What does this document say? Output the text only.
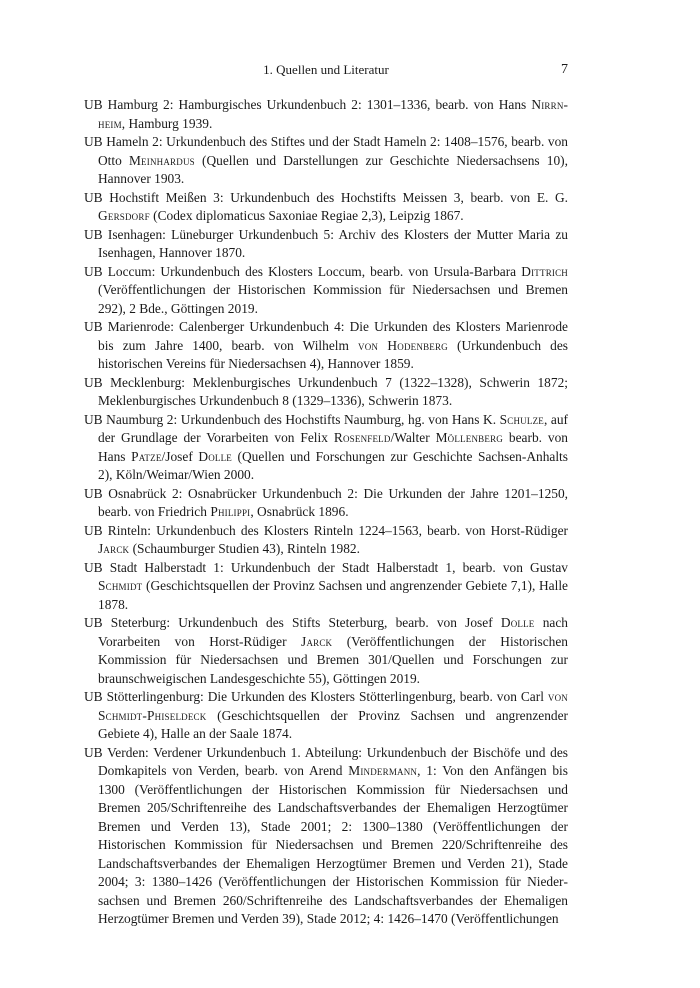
1. Quellen und Literatur	7

UB Hamburg 2: Hamburgisches Urkundenbuch 2: 1301–1336, bearb. von Hans Nirrnheim, Hamburg 1939.

UB Hameln 2: Urkundenbuch des Stiftes und der Stadt Hameln 2: 1408–1576, bearb. von Otto Meinhardus (Quellen und Darstellungen zur Geschichte Niedersachsens 10), Hannover 1903.

UB Hochstift Meißen 3: Urkundenbuch des Hochstifts Meissen 3, bearb. von E. G. Gersdorf (Codex diplomaticus Saxoniae Regiae 2,3), Leipzig 1867.

UB Isenhagen: Lüneburger Urkundenbuch 5: Archiv des Klosters der Mutter Maria zu Isenhagen, Hannover 1870.

UB Loccum: Urkundenbuch des Klosters Loccum, bearb. von Ursula-Barbara Dittrich (Veröffentlichungen der Historischen Kommission für Niedersachsen und Bremen 292), 2 Bde., Göttingen 2019.

UB Marienrode: Calenberger Urkundenbuch 4: Die Urkunden des Klosters Marienrode bis zum Jahre 1400, bearb. von Wilhelm von Hodenberg (Urkundenbuch des historischen Vereins für Niedersachsen 4), Hannover 1859.

UB Mecklenburg: Meklenburgisches Urkundenbuch 7 (1322–1328), Schwerin 1872; Meklenburgisches Urkundenbuch 8 (1329–1336), Schwerin 1873.

UB Naumburg 2: Urkundenbuch des Hochstifts Naumburg, hg. von Hans K. Schulze, auf der Grundlage der Vorarbeiten von Felix Rosenfeld/Walter Möllenberg bearb. von Hans Patze/Josef Dolle (Quellen und Forschungen zur Geschichte Sachsen-Anhalts 2), Köln/Weimar/Wien 2000.

UB Osnabrück 2: Osnabrücker Urkundenbuch 2: Die Urkunden der Jahre 1201–1250, bearb. von Friedrich Philippi, Osnabrück 1896.

UB Rinteln: Urkundenbuch des Klosters Rinteln 1224–1563, bearb. von Horst-Rüdiger Jarck (Schaumburger Studien 43), Rinteln 1982.

UB Stadt Halberstadt 1: Urkundenbuch der Stadt Halberstadt 1, bearb. von Gustav Schmidt (Geschichtsquellen der Provinz Sachsen und angrenzender Gebiete 7,1), Halle 1878.

UB Steterburg: Urkundenbuch des Stifts Steterburg, bearb. von Josef Dolle nach Vorarbeiten von Horst-Rüdiger Jarck (Veröffentlichungen der Historischen Kommission für Niedersachsen und Bremen 301/Quellen und Forschungen zur braunschweigischen Landesgeschichte 55), Göttingen 2019.

UB Stötterlingenburg: Die Urkunden des Klosters Stötterlingenburg, bearb. von Carl von Schmidt-Phiseldeck (Geschichtsquellen der Provinz Sachsen und angrenzender Gebiete 4), Halle an der Saale 1874.

UB Verden: Verdener Urkundenbuch 1. Abteilung: Urkundenbuch der Bischöfe und des Domkapitels von Verden, bearb. von Arend Mindermann, 1: Von den Anfängen bis 1300 (Veröffentlichungen der Historischen Kommission für Niedersachsen und Bremen 205/Schriftenreihe des Landschaftsverbandes der Ehemaligen Herzogtümer Bremen und Verden 13), Stade 2001; 2: 1300–1380 (Veröffentlichungen der Historischen Kommission für Niedersachsen und Bremen 220/Schriftenreihe des Landschaftsverbandes der Ehemaligen Herzogtümer Bremen und Verden 21), Stade 2004; 3: 1380–1426 (Veröffentlichungen der Historischen Kommission für Niedersachsen und Bremen 260/Schriftenreihe des Landschaftsverbandes der Ehemaligen Herzogtümer Bremen und Verden 39), Stade 2012; 4: 1426–1470 (Veröffentlichungen
